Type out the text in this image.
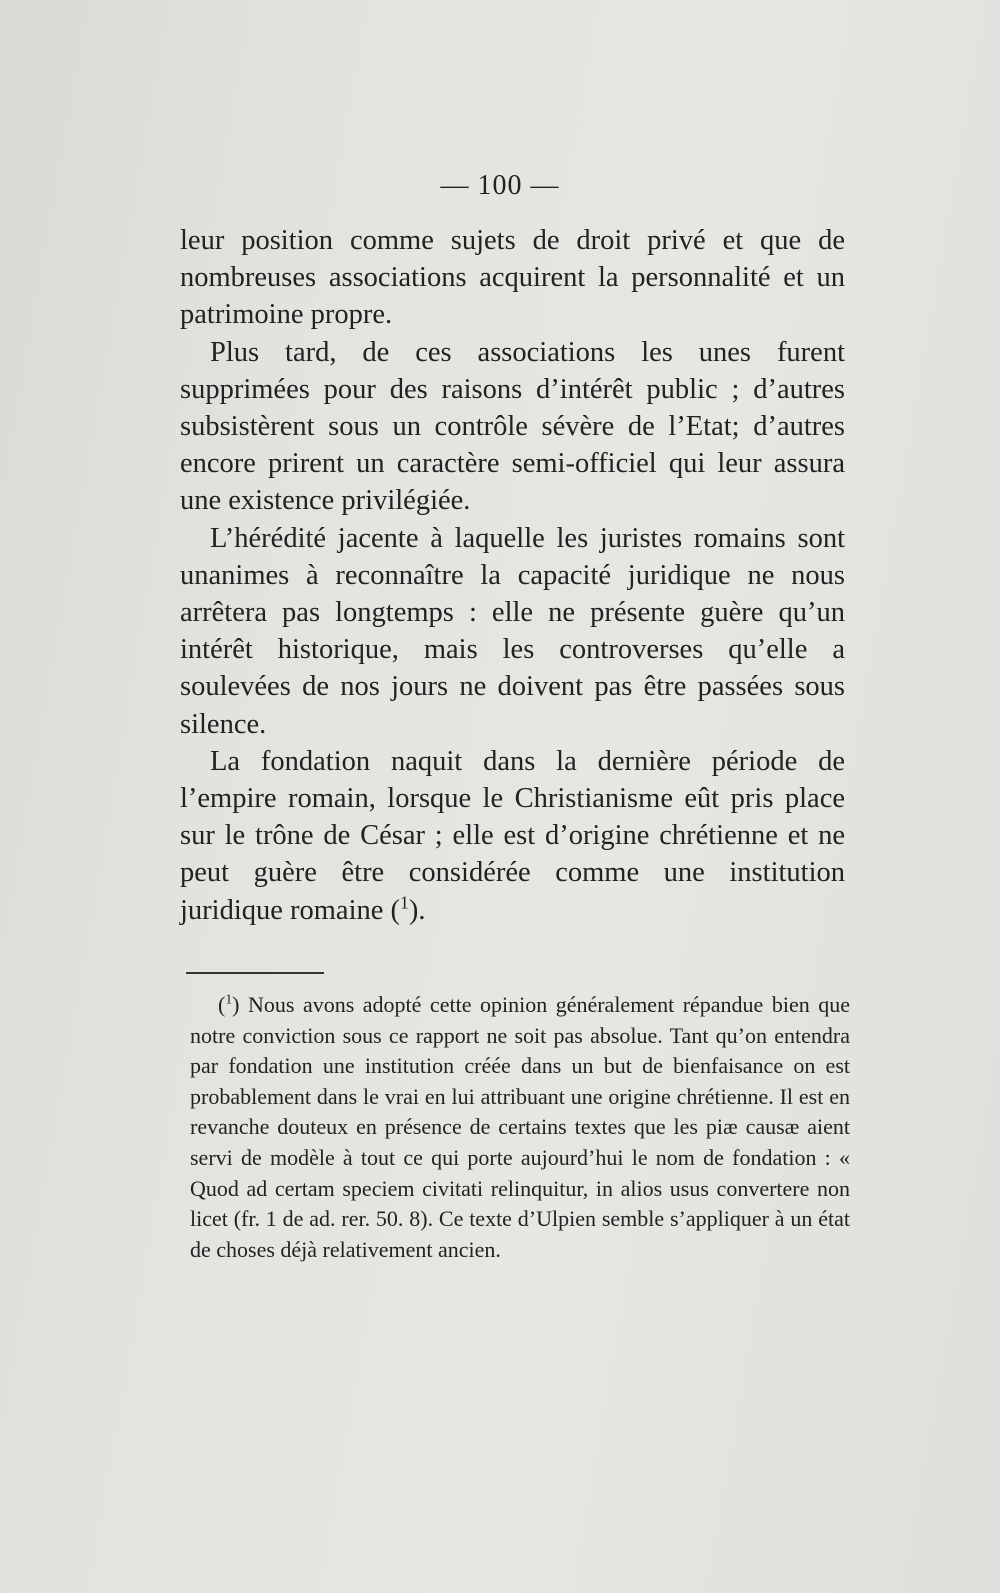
— 100 —

leur position comme sujets de droit privé et que de nombreuses associations acquirent la personnalité et un patrimoine propre.

Plus tard, de ces associations les unes furent supprimées pour des raisons d’intérêt public ; d’autres subsistèrent sous un contrôle sévère de l’Etat; d’autres encore prirent un caractère semi-officiel qui leur assura une existence privilégiée.

L’hérédité jacente à laquelle les juristes romains sont unanimes à reconnaître la capacité juridique ne nous arrêtera pas longtemps : elle ne présente guère qu’un intérêt historique, mais les controverses qu’elle a soulevées de nos jours ne doivent pas être passées sous silence.

La fondation naquit dans la dernière période de l’empire romain, lorsque le Christianisme eût pris place sur le trône de César ; elle est d’origine chrétienne et ne peut guère être considérée comme une institution juridique romaine ($^1$).

($^1$) Nous avons adopté cette opinion généralement répandue bien que notre conviction sous ce rapport ne soit pas absolue. Tant qu’on entendra par fondation une institution créée dans un but de bienfaisance on est probablement dans le vrai en lui attribuant une origine chrétienne. Il est en revanche douteux en présence de certains textes que les piæ causæ aient servi de modèle à tout ce qui porte aujourd’hui le nom de fondation : « Quod ad certam speciem civitati relinquitur, in alios usus convertere non licet (fr. 1 de ad. rer. 50. 8). Ce texte d’Ulpien semble s’appliquer à un état de choses déjà relativement ancien.
